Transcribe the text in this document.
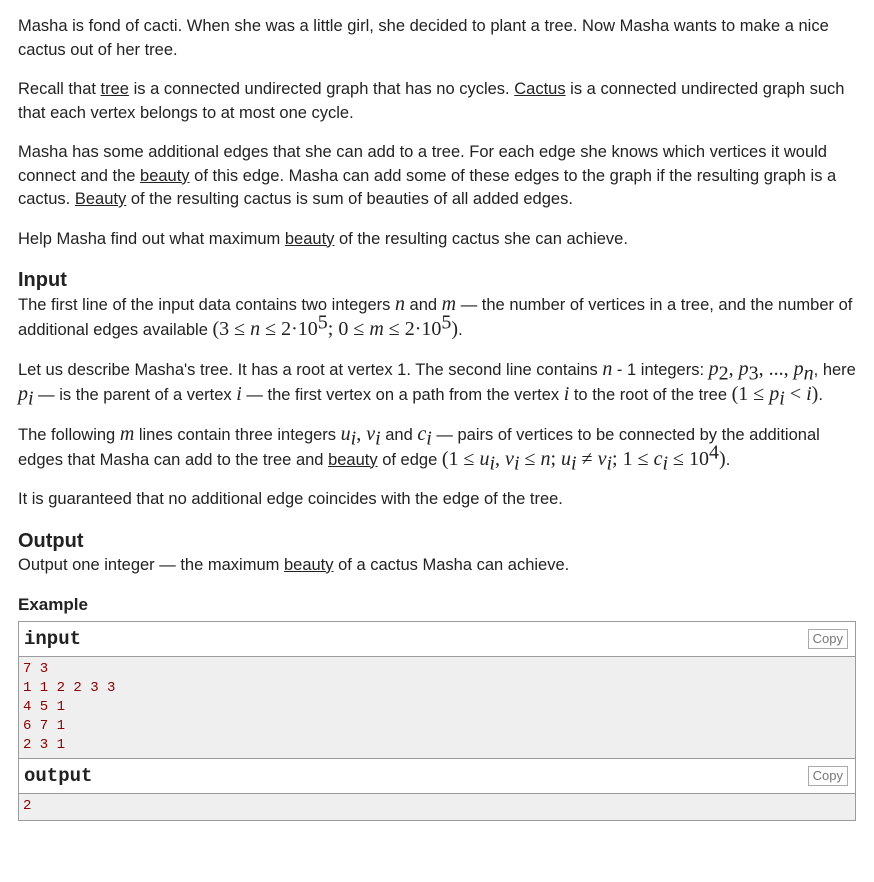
Masha is fond of cacti. When she was a little girl, she decided to plant a tree. Now Masha wants to make a nice cactus out of her tree.

Recall that tree is a connected undirected graph that has no cycles. Cactus is a connected undirected graph such that each vertex belongs to at most one cycle.

Masha has some additional edges that she can add to a tree. For each edge she knows which vertices it would connect and the beauty of this edge. Masha can add some of these edges to the graph if the resulting graph is a cactus. Beauty of the resulting cactus is sum of beauties of all added edges.

Help Masha find out what maximum beauty of the resulting cactus she can achieve.

Input

The first line of the input data contains two integers n and m — the number of vertices in a tree, and the number of additional edges available ($3 \le n \le 2\cdot 10^5$; $0 \le m \le 2\cdot 10^5$).

Let us describe Masha's tree. It has a root at vertex 1. The second line contains n - 1 integers: $p_2$, $p_3$, ..., $p_n$, here $p_i$ — is the parent of a vertex i — the first vertex on a path from the vertex i to the root of the tree $(1 \le p_i < i)$.

The following m lines contain three integers $u_i$, $v_i$ and $c_i$ — pairs of vertices to be connected by the additional edges that Masha can add to the tree and beauty of edge ($1 \le u_i$, $v_i \le n$; $u_i \ne v_i$; $1 \le c_i \le 10^4$).

It is guaranteed that no additional edge coincides with the edge of the tree.

Output

Output one integer — the maximum beauty of a cactus Masha can achieve.

Example
input	Copy
7 3
1 1 2 2 3 3
4 5 1
6 7 1
2 3 1
output	Copy
2
